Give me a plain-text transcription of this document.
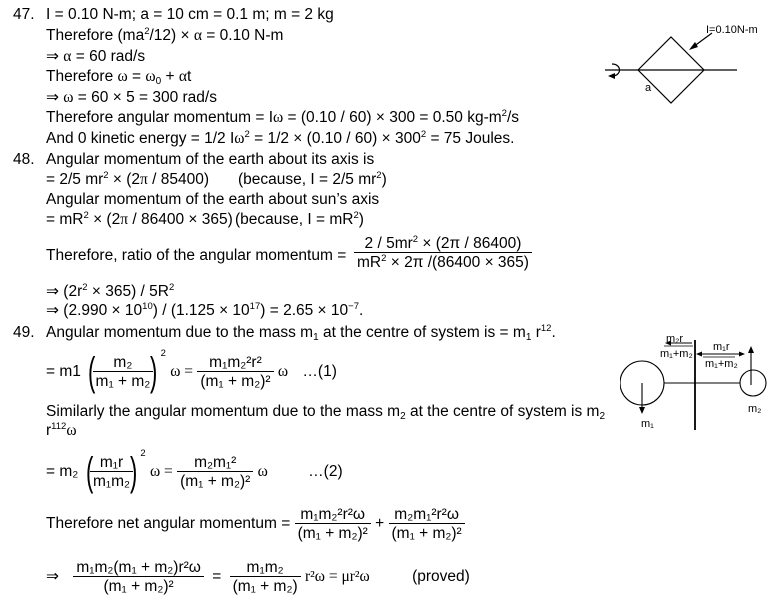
47. I = 0.10 N-m; a = 10 cm = 0.1 m; m = 2 kg
Therefore $(ma^2/12) \times \alpha = 0.10$ N-m
⇒ α = 60 rad/s
Therefore $\omega = \omega_0 + \alpha t$
⇒ ω = 60 × 5 = 300 rad/s
Therefore angular momentum = Iω = (0.10 / 60) × 300 = 0.50 $kg-m^2/s$
And 0 kinetic energy = 1/2 $I\omega^2 = 1/2 \times (0.10 / 60) \times 300^2 = 75$ Joules.
I=0.10N-m
a
48. Angular momentum of the earth about its axis is
= 2/5 $mr^2 \times (2\pi / 85400)$ (because, I = 2/5 $mr^2$)
Angular momentum of the earth about sun’s axis
= $mR^2 \times (2\pi / 86400 \times 365)$ (because, $I = mR^2$)
Therefore, ratio of the angular momentum = $\frac{2 / 5mr^2 \times (2\pi / 86400)}{mR^2 \times 2\pi /(86400 \times 365)}$
⇒ $(2r^2 \times 365) / 5R^2$
⇒ $(2.990 \times 10^{10}) / (1.125 \times 10^{17}) = 2.65 \times 10^{-7}$.
49. Angular momentum due to the mass $m_1$ at the centre of system is = $m_1$ $r^{12}$.
= m1 (
$\frac{\text{m₂}}{\text{m₁ + m₂}}$
) $^2$ $\omega = \frac{\text{m₁m₂²r²}}{\text{(m₁ + m₂)²}}$ ω …(1)
Similarly the angular momentum due to the mass $m_2$ at the centre of system is $m_2$
$r^{112}\omega$
= m₂ (
$\frac{\text{m₁r}}{\text{m₁m₂}}$
) $^2$ $\omega = \frac{\text{m₂m₁²}}{\text{(m₁ + m₂)²}}$ ω	…(2)
Therefore net angular momentum = $\frac{\text{m₁m₂²r²ω}}{\text{(m₁ + m₂)²}} + \frac{\text{m₂m₁²r²ω}}{\text{(m₁ + m₂)²}}$
⇒ $\frac{\text{m₁m₂(m₁ + m₂)r²ω}}{\text{(m₁ + m₂)²}} = \frac{\text{m₁m₂}}{\text{(m₁ + m₂)}} r^2\omega = \mu r^2\omega$	(proved)
m₂r
m₁+m₂
m₁r
m₁+m₂
m₁
m₂
